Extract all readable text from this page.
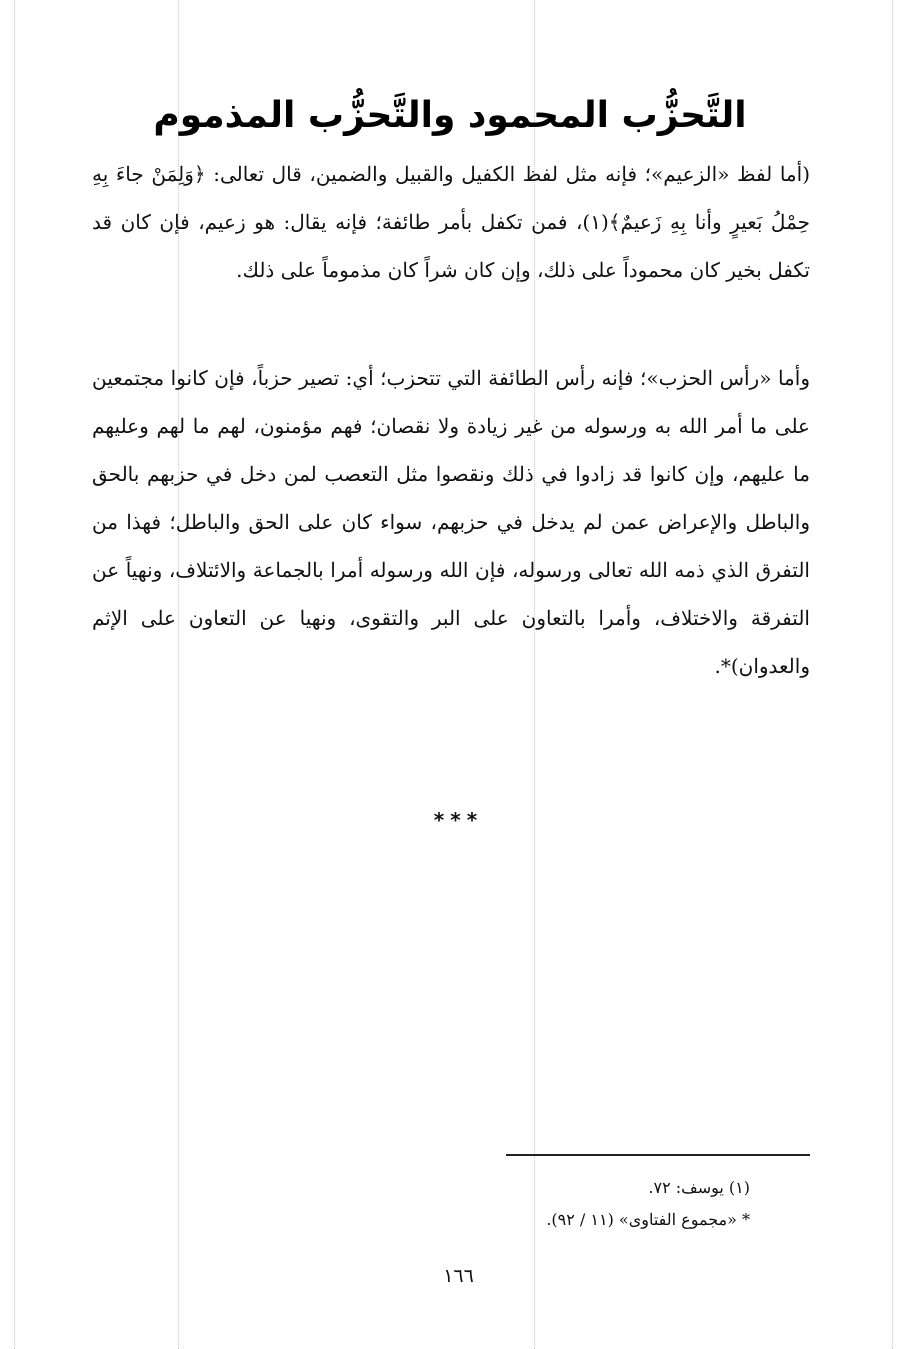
التَّحزُّب المحمود والتَّحزُّب المذموم

(أما لفظ «الزعيم»؛ فإنه مثل لفظ الكفيل والقبيل والضمين، قال تعالى: ﴿وَلِمَنْ جاءَ بِهِ حِمْلُ بَعيرٍ وأنا بِهِ زَعيمٌ﴾(١)، فمن تكفل بأمر طائفة؛ فإنه يقال: هو زعيم، فإن كان قد تكفل بخير كان محموداً على ذلك، وإن كان شراً كان مذموماً على ذلك.

وأما «رأس الحزب»؛ فإنه رأس الطائفة التي تتحزب؛ أي: تصير حزباً، فإن كانوا مجتمعين على ما أمر الله به ورسوله من غير زيادة ولا نقصان؛ فهم مؤمنون، لهم ما لهم وعليهم ما عليهم، وإن كانوا قد زادوا في ذلك ونقصوا مثل التعصب لمن دخل في حزبهم بالحق والباطل والإعراض عمن لم يدخل في حزبهم، سواء كان على الحق والباطل؛ فهذا من التفرق الذي ذمه الله تعالى ورسوله، فإن الله ورسوله أمرا بالجماعة والائتلاف، ونهياً عن التفرقة والاختلاف، وأمرا بالتعاون على البر والتقوى، ونهيا عن التعاون على الإثم والعدوان)*.

***

(١) يوسف: ٧٢.

* «مجموع الفتاوى» (١١ / ٩٢).

١٦٦
